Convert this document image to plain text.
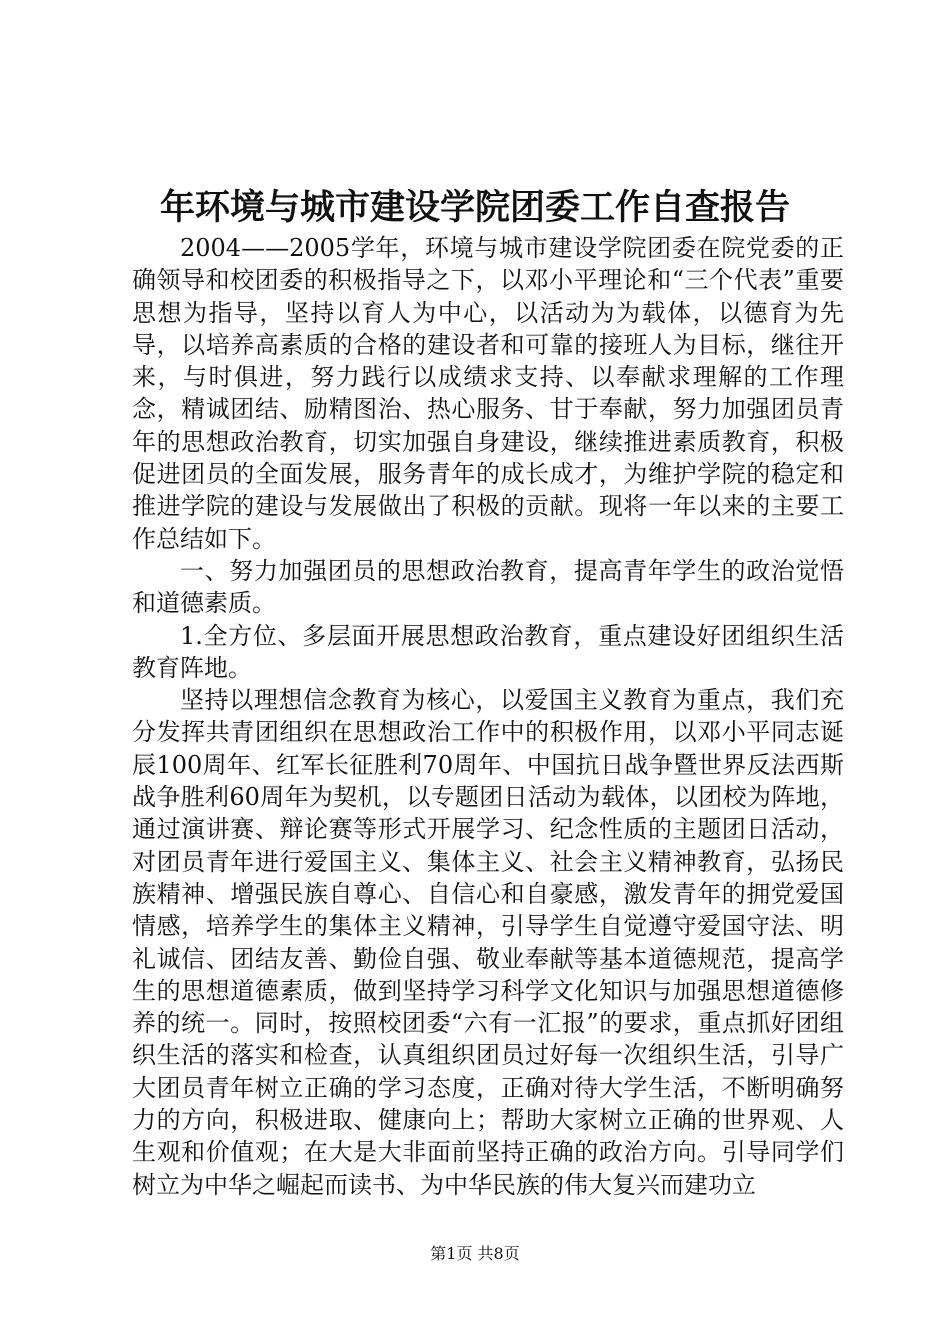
年环境与城市建设学院团委工作自查报告

2004——2005学年，环境与城市建设学院团委在院党委的正确领导和校团委的积极指导之下，以邓小平理论和“三个代表”重要思想为指导，坚持以育人为中心，以活动为为载体，以德育为先导，以培养高素质的合格的建设者和可靠的接班人为目标，继往开来，与时俱进，努力践行以成绩求支持、以奉献求理解的工作理念，精诚团结、励精图治、热心服务、甘于奉献，努力加强团员青年的思想政治教育，切实加强自身建设，继续推进素质教育，积极促进团员的全面发展，服务青年的成长成才，为维护学院的稳定和推进学院的建设与发展做出了积极的贡献。现将一年以来的主要工作总结如下。

一、努力加强团员的思想政治教育，提高青年学生的政治觉悟和道德素质。

1.全方位、多层面开展思想政治教育，重点建设好团组织生活教育阵地。

坚持以理想信念教育为核心，以爱国主义教育为重点，我们充分发挥共青团组织在思想政治工作中的积极作用，以邓小平同志诞辰100周年、红军长征胜利70周年、中国抗日战争暨世界反法西斯战争胜利60周年为契机，以专题团日活动为载体，以团校为阵地，通过演讲赛、辩论赛等形式开展学习、纪念性质的主题团日活动，对团员青年进行爱国主义、集体主义、社会主义精神教育，弘扬民族精神、增强民族自尊心、自信心和自豪感，激发青年的拥党爱国情感，培养学生的集体主义精神，引导学生自觉遵守爱国守法、明礼诚信、团结友善、勤俭自强、敬业奉献等基本道德规范，提高学生的思想道德素质，做到坚持学习科学文化知识与加强思想道德修养的统一。同时，按照校团委“六有一汇报”的要求，重点抓好团组织生活的落实和检查，认真组织团员过好每一次组织生活，引导广大团员青年树立正确的学习态度，正确对待大学生活，不断明确努力的方向，积极进取、健康向上；帮助大家树立正确的世界观、人生观和价值观；在大是大非面前坚持正确的政治方向。引导同学们树立为中华之崛起而读书、为中华民族的伟大复兴而建功立

第1页 共8页
